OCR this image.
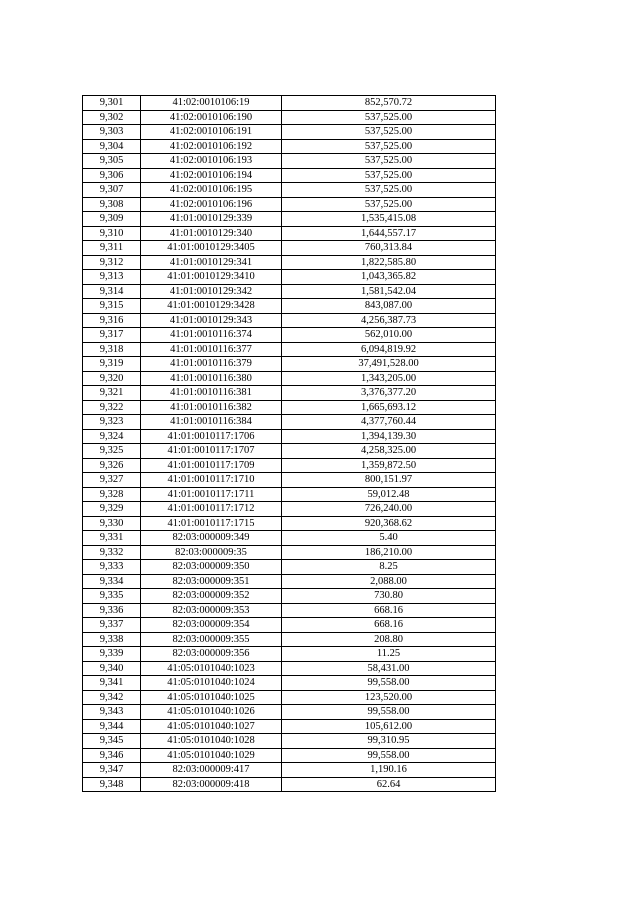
9,301	41:02:0010106:19	852,570.72
9,302	41:02:0010106:190	537,525.00
9,303	41:02:0010106:191	537,525.00
9,304	41:02:0010106:192	537,525.00
9,305	41:02:0010106:193	537,525.00
9,306	41:02:0010106:194	537,525.00
9,307	41:02:0010106:195	537,525.00
9,308	41:02:0010106:196	537,525.00
9,309	41:01:0010129:339	1,535,415.08
9,310	41:01:0010129:340	1,644,557.17
9,311	41:01:0010129:3405	760,313.84
9,312	41:01:0010129:341	1,822,585.80
9,313	41:01:0010129:3410	1,043,365.82
9,314	41:01:0010129:342	1,581,542.04
9,315	41:01:0010129:3428	843,087.00
9,316	41:01:0010129:343	4,256,387.73
9,317	41:01:0010116:374	562,010.00
9,318	41:01:0010116:377	6,094,819.92
9,319	41:01:0010116:379	37,491,528.00
9,320	41:01:0010116:380	1,343,205.00
9,321	41:01:0010116:381	3,376,377.20
9,322	41:01:0010116:382	1,665,693.12
9,323	41:01:0010116:384	4,377,760.44
9,324	41:01:0010117:1706	1,394,139.30
9,325	41:01:0010117:1707	4,258,325.00
9,326	41:01:0010117:1709	1,359,872.50
9,327	41:01:0010117:1710	800,151.97
9,328	41:01:0010117:1711	59,012.48
9,329	41:01:0010117:1712	726,240.00
9,330	41:01:0010117:1715	920,368.62
9,331	82:03:000009:349	5.40
9,332	82:03:000009:35	186,210.00
9,333	82:03:000009:350	8.25
9,334	82:03:000009:351	2,088.00
9,335	82:03:000009:352	730.80
9,336	82:03:000009:353	668.16
9,337	82:03:000009:354	668.16
9,338	82:03:000009:355	208.80
9,339	82:03:000009:356	11.25
9,340	41:05:0101040:1023	58,431.00
9,341	41:05:0101040:1024	99,558.00
9,342	41:05:0101040:1025	123,520.00
9,343	41:05:0101040:1026	99,558.00
9,344	41:05:0101040:1027	105,612.00
9,345	41:05:0101040:1028	99,310.95
9,346	41:05:0101040:1029	99,558.00
9,347	82:03:000009:417	1,190.16
9,348	82:03:000009:418	62.64
